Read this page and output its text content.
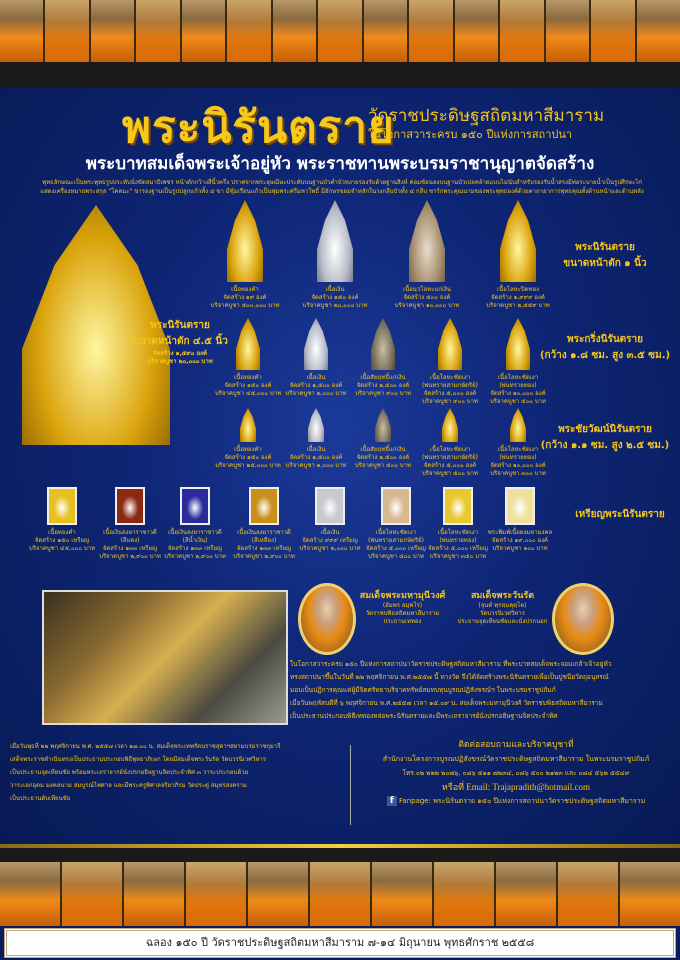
พระนิรันตราย
วัดราชประดิษฐสถิตมหาสีมาราม
ในโอกาสวาระครบ ๑๕๐ ปีแห่งการสถาปนา
พระบาทสมเด็จพระเจ้าอยู่หัว พระราชทานพระบรมราชานุญาตจัดสร้าง
พุทธลักษณะเป็นพระพุทธรูปประทับนั่งขัดสมาธิเพชร หน้าตักกว้างสี่นิ้วครึ่ง ปราศจากพระอุษณีษะประดับบนฐานบัวค่ำบัวหงายรองรับด้วยฐานสิงห์ ค่อมซ้อนลงบนฐานบัวเปลคล้ายแบบไม่นับสำหรับรองรับน้ำสรงมีท่อระบายน้ำเป็นรูปศีรษะไก่
แสดงเครื่องหมายพระสกุล "โคตมะ" ขารองฐานเป็นรูปปลูกแก้วทั้ง ๔ ขา มีซุ้มเรือนแก้วเป็นพุ่มพระศรีมหาโพธิ์ มีอักษรขอมจำหลักในวงกลีบบัวทั้ง ๔ กลีบ ซาร์กพระคุณนามของพระพุทธองค์ด้วยคาถาอาการพุทธคุณทั้งด้านหน้าและด้านหลัง
พระนิรันตราย
ขนาดหน้าตัก ๔.๕ นิ้ว
จัดสร้าง ๑,๕๙๐ องค์
บริจาคบูชา ๒๐,๐๐๐ บาท
เนื้อทองคำ
จัดสร้าง ๑๙ องค์
บริจาคบูชา ๕๐๐,๐๐๐ บาท
เนื้อเงิน
จัดสร้าง ๑๕๐ องค์
บริจาคบูชา ๒๐,๐๐๐ บาท
เนื้อนวโลหะแก่เงิน
จัดสร้าง ๕๐๐ องค์
บริจาคบูชา ๑๐,๐๐๐ บาท
เนื้อโลหะปิดทอง
จัดสร้าง ๑,๙๙๙ องค์
บริจาคบูชา ๒,๕๕๙ บาท
พระนิรันตราย
ขนาดหน้าตัก ๑ นิ้ว
เนื้อทองคำ
จัดสร้าง ๑๕๐ องค์
บริจาคบูชา ๔๕,๐๐๐ บาท
เนื้อเงิน
จัดสร้าง ๑,๕๐๐ องค์
บริจาคบูชา ๒,๐๐๐ บาท
เนื้อสัมฤทธิ์แก่เงิน
จัดสร้าง ๑,๕๐๐ องค์
บริจาคบูชา ๙๐๐ บาท
เนื้อโลหะชัดเงา
(พ่นทรายสามกษัตริย์)
จัดสร้าง ๕,๐๐๐ องค์
บริจาคบูชา ๙๐๐ บาท
เนื้อโลหะชัดเงา
(พ่นทรายทอง)
จัดสร้าง ๑๐,๐๐๐ องค์
บริจาคบูชา ๕๐๐ บาท
พระกริ่งนิรันตราย
(กว้าง ๑.๘ ซม. สูง ๓.๕ ซม.)
เนื้อทองคำ
จัดสร้าง ๑๕๐ องค์
บริจาคบูชา ๒๕,๐๐๐ บาท
เนื้อเงิน
จัดสร้าง ๑,๕๐๐ องค์
บริจาคบูชา ๑,๐๐๐ บาท
เนื้อสัมฤทธิ์แก่เงิน
จัดสร้าง ๑,๕๐๐ องค์
บริจาคบูชา ๕๐๐ บาท
เนื้อโลหะชัดเงา
(พ่นทรายสามกษัตริย์)
จัดสร้าง ๕,๐๐๐ องค์
บริจาคบูชา ๕๐๐ บาท
เนื้อโลหะชัดเงา
(พ่นทรายทอง)
จัดสร้าง ๑๐,๐๐๐ องค์
บริจาคบูชา ๓๐๐ บาท
พระชัยวัฒน์นิรันตราย
(กว้าง ๑.๑ ซม. สูง ๒.๕ ซม.)
เนื้อทองคำ
จัดสร้าง ๑๕๐ เหรียญ
บริจาคบูชา ๔๕,๐๐๐ บาท
เนื้อเงินลงยาราชาวดี
(สีแดง)
จัดสร้าง ๑๓๓ เหรียญ
บริจาคบูชา ๒,๙๐๐ บาท
เนื้อเงินลงยาราชาวดี
(สีน้ำเงิน)
จัดสร้าง ๑๓๓ เหรียญ
บริจาคบูชา ๒,๙๐๐ บาท
เนื้อเงินลงยาราชาวดี
(สีเหลือง)
จัดสร้าง ๑๓๓ เหรียญ
บริจาคบูชา ๒,๙๐๐ บาท
เนื้อเงิน
จัดสร้าง ๙๙๙ เหรียญ
บริจาคบูชา ๒,๐๐๐ บาท
เนื้อโลหะชัดเงา
(พ่นทรายสามกษัตริย์)
จัดสร้าง ๕,๐๐๐ เหรียญ
บริจาคบูชา ๔๐๐ บาท
เนื้อโลหะชัดเงา
(พ่นทรายทอง)
จัดสร้าง ๕,๐๐๐ เหรียญ
บริจาคบูชา ๓๕๐ บาท
พระพิมพ์เนื้อผงมหามงคล
จัดสร้าง ๑๙,๐๐๐ องค์
บริจาคบูชา ๑๐๐ บาท
เหรียญพระนิรันตราย
สมเด็จพระมหามุนีวงศ์
(อัมพร อมฺพโร)
วัดราชบพิธสถิตมหาสีมาราม
ประธานเททอง
สมเด็จพระวันรัต
(จุนท์ พฺรหฺมคุตฺโต)
วัดบวรนิเวศวิหาร
ประธานจุดเทียนชัยและนั่งปรกนอก
ในโอกาสวาระครบ ๑๕๐ ปีแห่งการสถาปนาวัดราชประดิษฐสถิตมหาสีมาราม ที่พระบาทสมเด็จพระจอมเกล้าเจ้าอยู่หัว
ทรงสถาปนาขึ้นในวันที่ ๒๒ พฤศจิกายน พ.ศ.๒๕๕๗ นี้ ทางวัด จึงได้จัดสร้างพระนิรันตรายเพื่อเป็นปูชนียวัตถุอนุสรณ์
มอบเป็นปฏิการคุณแด่ผู้มีจิตศรัทธาบริจาคทรัพย์สมทบทุนบูรณปฏิสังขรณ์ฯ ในพระบรมราชูปถัมภ์
เมื่อวันพฤหัสบดีที่ ๖ พฤศจิกายน พ.ศ.๒๕๕๗ เวลา ๑๕.๐๙ น. สมเด็จพระมหามุนีวงศ์ วัดราชบพิธสถิตมหาสีมาราม
เป็นประธานประกอบพิธีเททองหล่อพระนิรันตรายและมีพระเถราจารย์นั่งปรกอธิษฐานจิตประจำทิศ
เมื่อวันพุธที่ ๒๒ พฤศจิกายน พ.ศ. ๒๕๕๗ เวลา ๑๗.๐๐ น. สมเด็จพระเทพรัตนราชสุดาฯสยามบรมราชกุมารี
เสด็จพระราชดำเนินทรงเป็นประธานประกอบพิธีพุทธาภิเษก โดยมีสมเด็จพระวันรัต วัดบวรนิเวศวิหาร
เป็นประธานจุดเทียนชัย พร้อมพระเถราจารย์นั่งปรกอธิษฐานจิตประจำทิศ ๓ วาระประกอบด้วย
วาระเอกอุดม มงคลนาม สมบูรณ์ไพศาล และมีพระครูพิศาลจริยาภิรม วัดประดู่ สมุทรสงคราม
เป็นประธานดับเทียนชัย
ติดต่อสอบถามและบริจาคบูชาที่
สำนักงานโครงการบูรณปฏิสังขรณ์วัดราชประดิษฐสถิตมหาสีมาราม ในพระบรมราชูปถัมภ์
โทร.๐๒ ๒๒๒ ๒๐๗๖, ๐๘๖ ๕๑๑ ๗๒๓๔, ๐๘๖ ๕๐๐ ๒๑๒๓ และ ๐๘๔ ๕๖๒ ๕๕๔๙
หรือที่ Email: Trajapradith@hotmail.com
f Fanpage: พระนิรันตราย ๑๕๐ ปีแห่งการสถาปนาวัดราชประดิษฐสถิตมหาสีมาราม
ฉลอง ๑๕๐ ปี วัดราชประดิษฐสถิตมหาสีมาราม ๗-๑๔ มิถุนายน พุทธศักราช ๒๕๕๘
